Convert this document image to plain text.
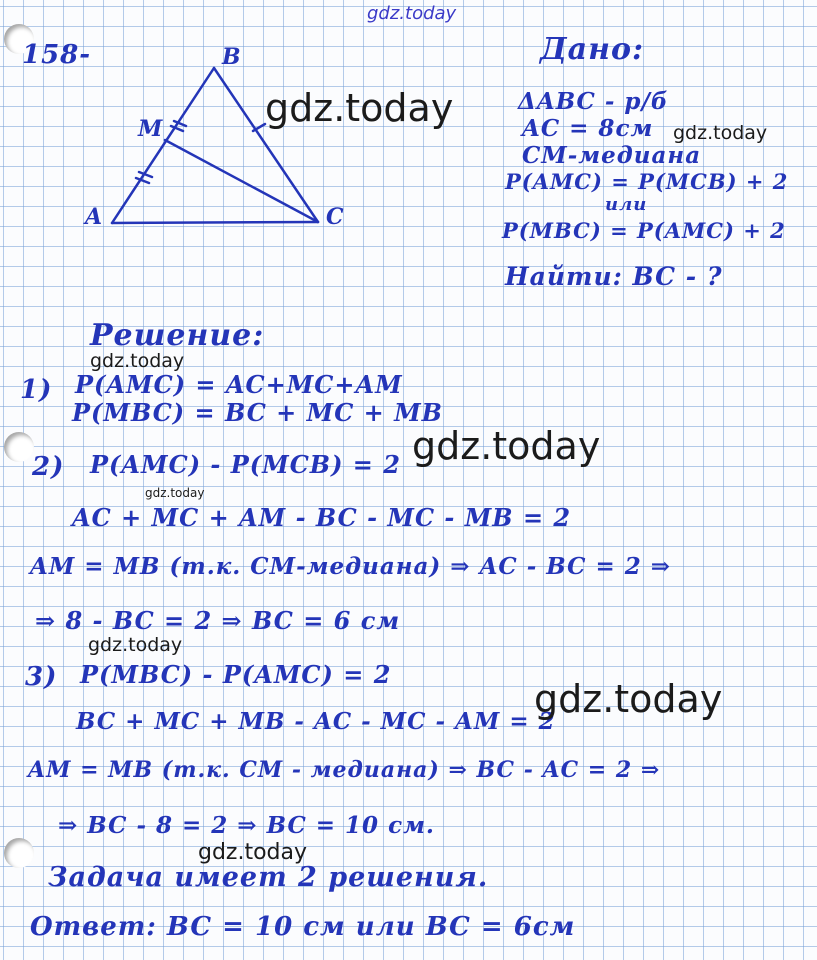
gdz.today
158-	B
M
A	C
Дано:
ΔABC - р/б
AC = 8см
CM-медиана
P(AMC) = P(MCB) + 2
или
P(MBC) = P(AMC) + 2
Найти: BC - ?
Решение:
1) P(AMC) = AC+MC+AM
P(MBC) = BC + MC + MB
2) P(AMC) - P(MCB) = 2
AC + MC + AM - BC - MC - MB = 2
AM = MB (т.к. CM-медиана) ⇒ AC - BC = 2 ⇒
⇒ 8 - BC = 2 ⇒ BC = 6 см
3) P(MBC) - P(AMC) = 2
BC + MC + MB - AC - MC - AM = 2
AM = MB (т.к. CM - медиана) ⇒ BC - AC = 2 ⇒
⇒ BC - 8 = 2 ⇒ BC = 10 см.
Задача имеет 2 решения.
Ответ: BC = 10 см или BC = 6см
gdz.today
gdz.today
gdz.today
gdz.today
gdz.today
gdz.today
gdz.today
gdz.today
